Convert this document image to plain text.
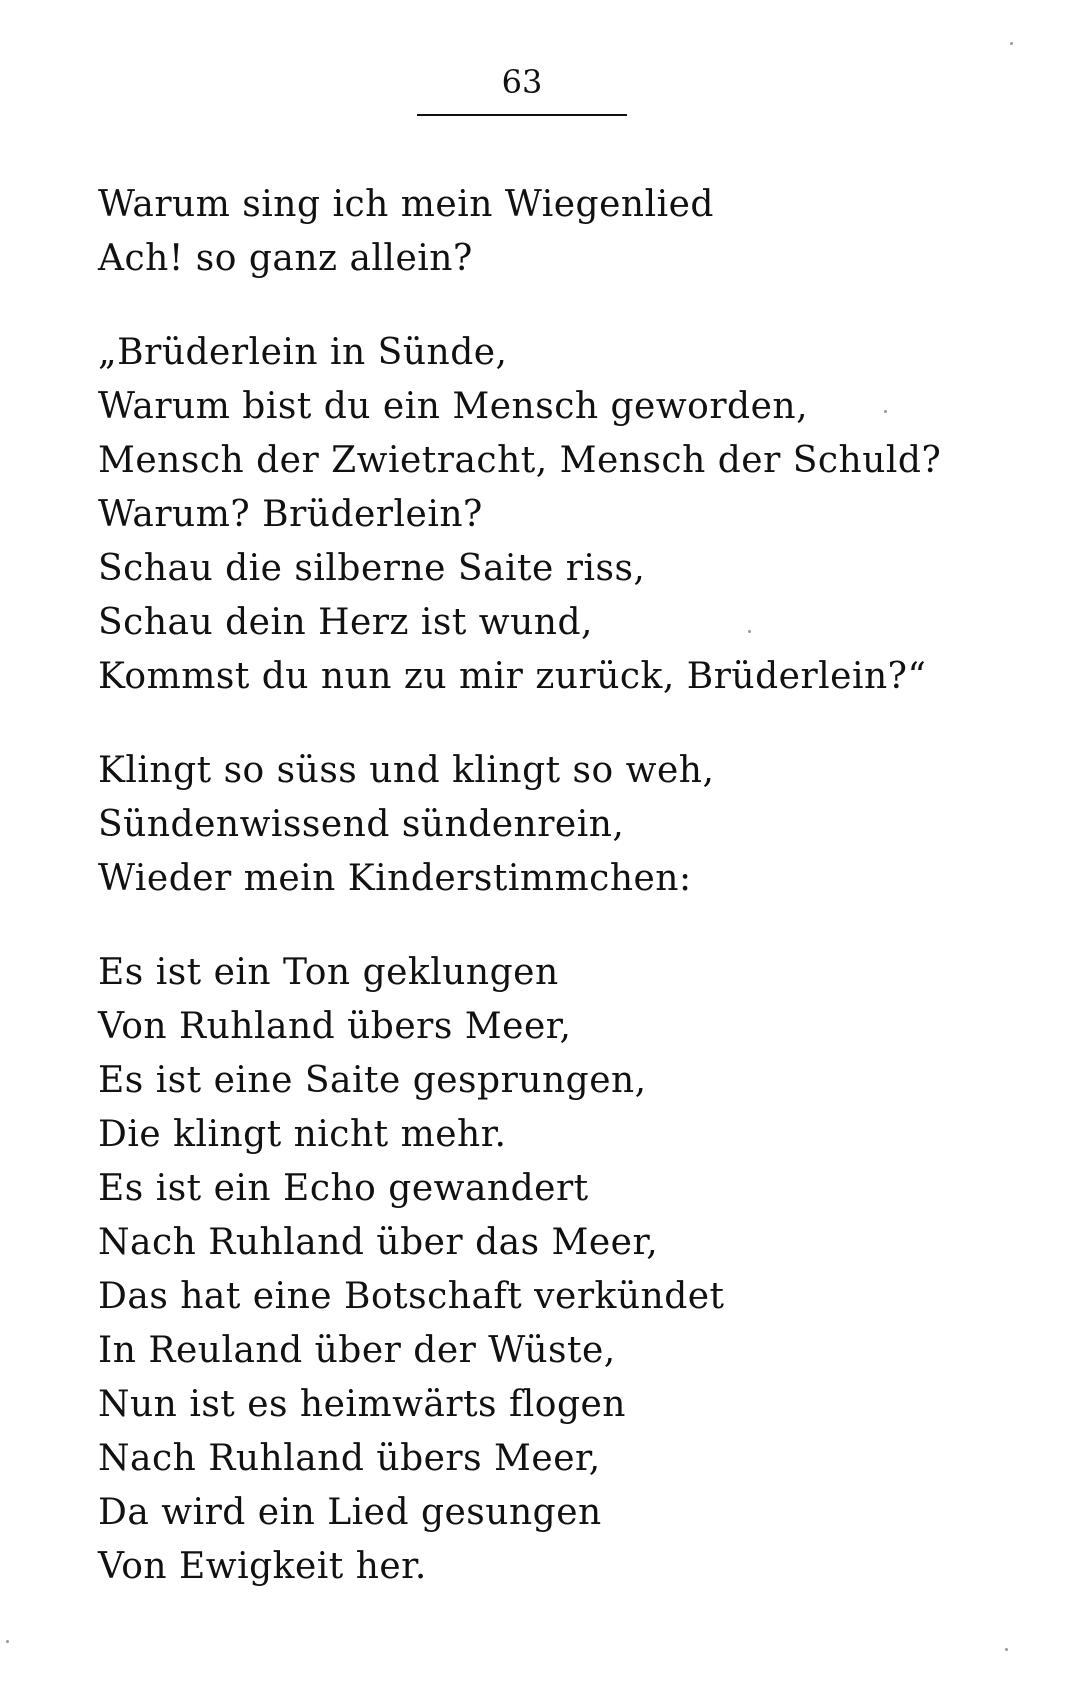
63
Warum sing ich mein Wiegenlied
Ach! so ganz allein?
„Brüderlein in Sünde,
Warum bist du ein Mensch geworden,
Mensch der Zwietracht, Mensch der Schuld?
Warum? Brüderlein?
Schau die silberne Saite riss,
Schau dein Herz ist wund,
Kommst du nun zu mir zurück, Brüderlein?“
Klingt so süss und klingt so weh,
Sündenwissend sündenrein,
Wieder mein Kinderstimmchen:
Es ist ein Ton geklungen
Von Ruhland übers Meer,
Es ist eine Saite gesprungen,
Die klingt nicht mehr.
Es ist ein Echo gewandert
Nach Ruhland über das Meer,
Das hat eine Botschaft verkündet
In Reuland über der Wüste,
Nun ist es heimwärts flogen
Nach Ruhland übers Meer,
Da wird ein Lied gesungen
Von Ewigkeit her.
